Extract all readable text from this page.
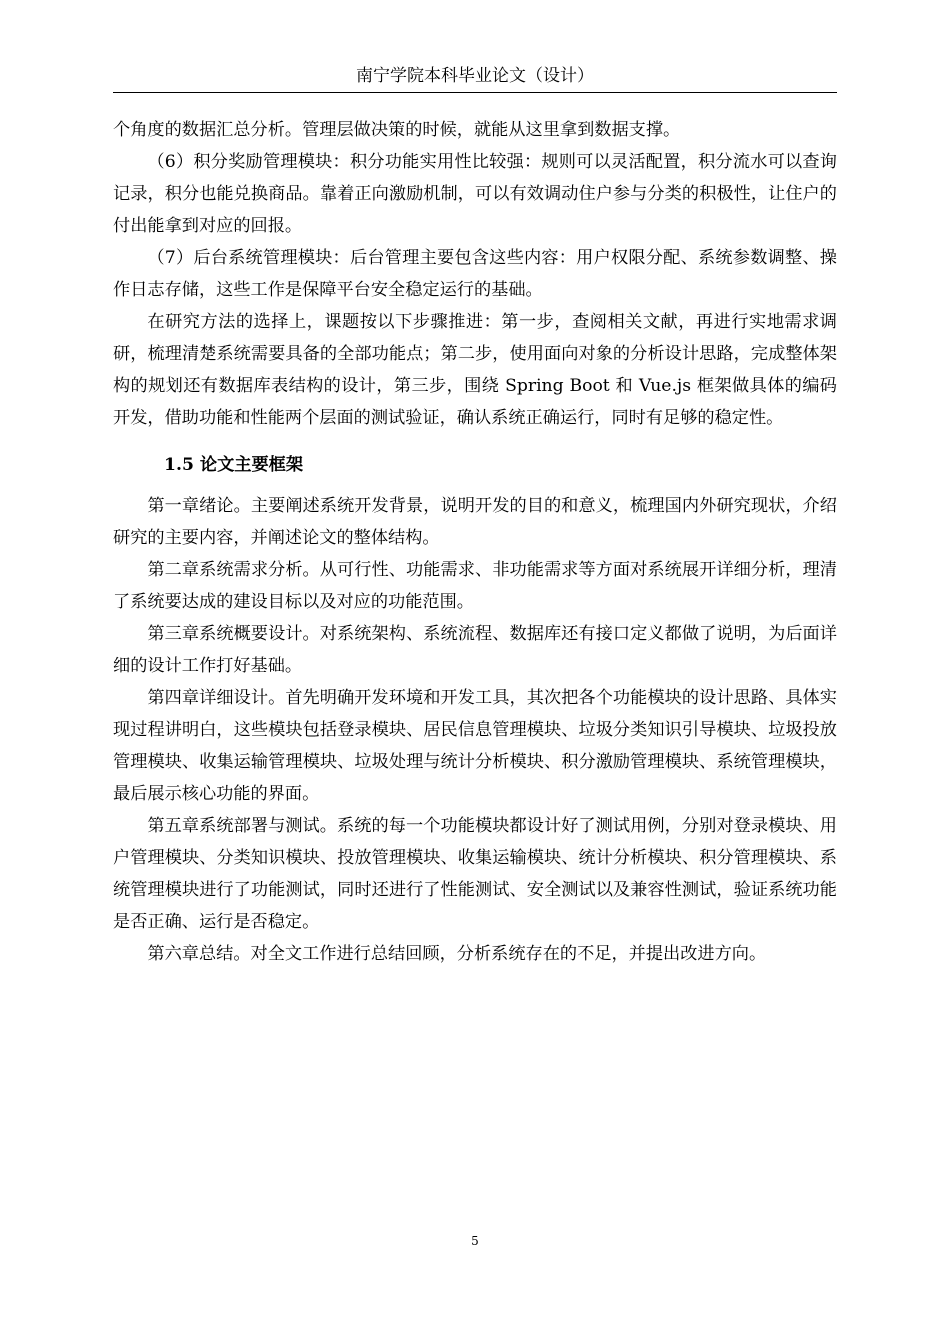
南宁学院本科毕业论文（设计）

个角度的数据汇总分析。管理层做决策的时候，就能从这里拿到数据支撑。

（6）积分奖励管理模块：积分功能实用性比较强：规则可以灵活配置，积分流水可以查询记录，积分也能兑换商品。靠着正向激励机制，可以有效调动住户参与分类的积极性，让住户的付出能拿到对应的回报。

（7）后台系统管理模块：后台管理主要包含这些内容：用户权限分配、系统参数调整、操作日志存储，这些工作是保障平台安全稳定运行的基础。

在研究方法的选择上，课题按以下步骤推进：第一步，查阅相关文献，再进行实地需求调研，梳理清楚系统需要具备的全部功能点；第二步，使用面向对象的分析设计思路，完成整体架构的规划还有数据库表结构的设计，第三步，围绕 Spring Boot 和 Vue.js 框架做具体的编码开发，借助功能和性能两个层面的测试验证，确认系统正确运行，同时有足够的稳定性。

1.5 论文主要框架

第一章绪论。主要阐述系统开发背景，说明开发的目的和意义，梳理国内外研究现状，介绍研究的主要内容，并阐述论文的整体结构。

第二章系统需求分析。从可行性、功能需求、非功能需求等方面对系统展开详细分析，理清了系统要达成的建设目标以及对应的功能范围。

第三章系统概要设计。对系统架构、系统流程、数据库还有接口定义都做了说明，为后面详细的设计工作打好基础。

第四章详细设计。首先明确开发环境和开发工具，其次把各个功能模块的设计思路、具体实现过程讲明白，这些模块包括登录模块、居民信息管理模块、垃圾分类知识引导模块、垃圾投放管理模块、收集运输管理模块、垃圾处理与统计分析模块、积分激励管理模块、系统管理模块，最后展示核心功能的界面。

第五章系统部署与测试。系统的每一个功能模块都设计好了测试用例，分别对登录模块、用户管理模块、分类知识模块、投放管理模块、收集运输模块、统计分析模块、积分管理模块、系统管理模块进行了功能测试，同时还进行了性能测试、安全测试以及兼容性测试，验证系统功能是否正确、运行是否稳定。

第六章总结。对全文工作进行总结回顾，分析系统存在的不足，并提出改进方向。

5
